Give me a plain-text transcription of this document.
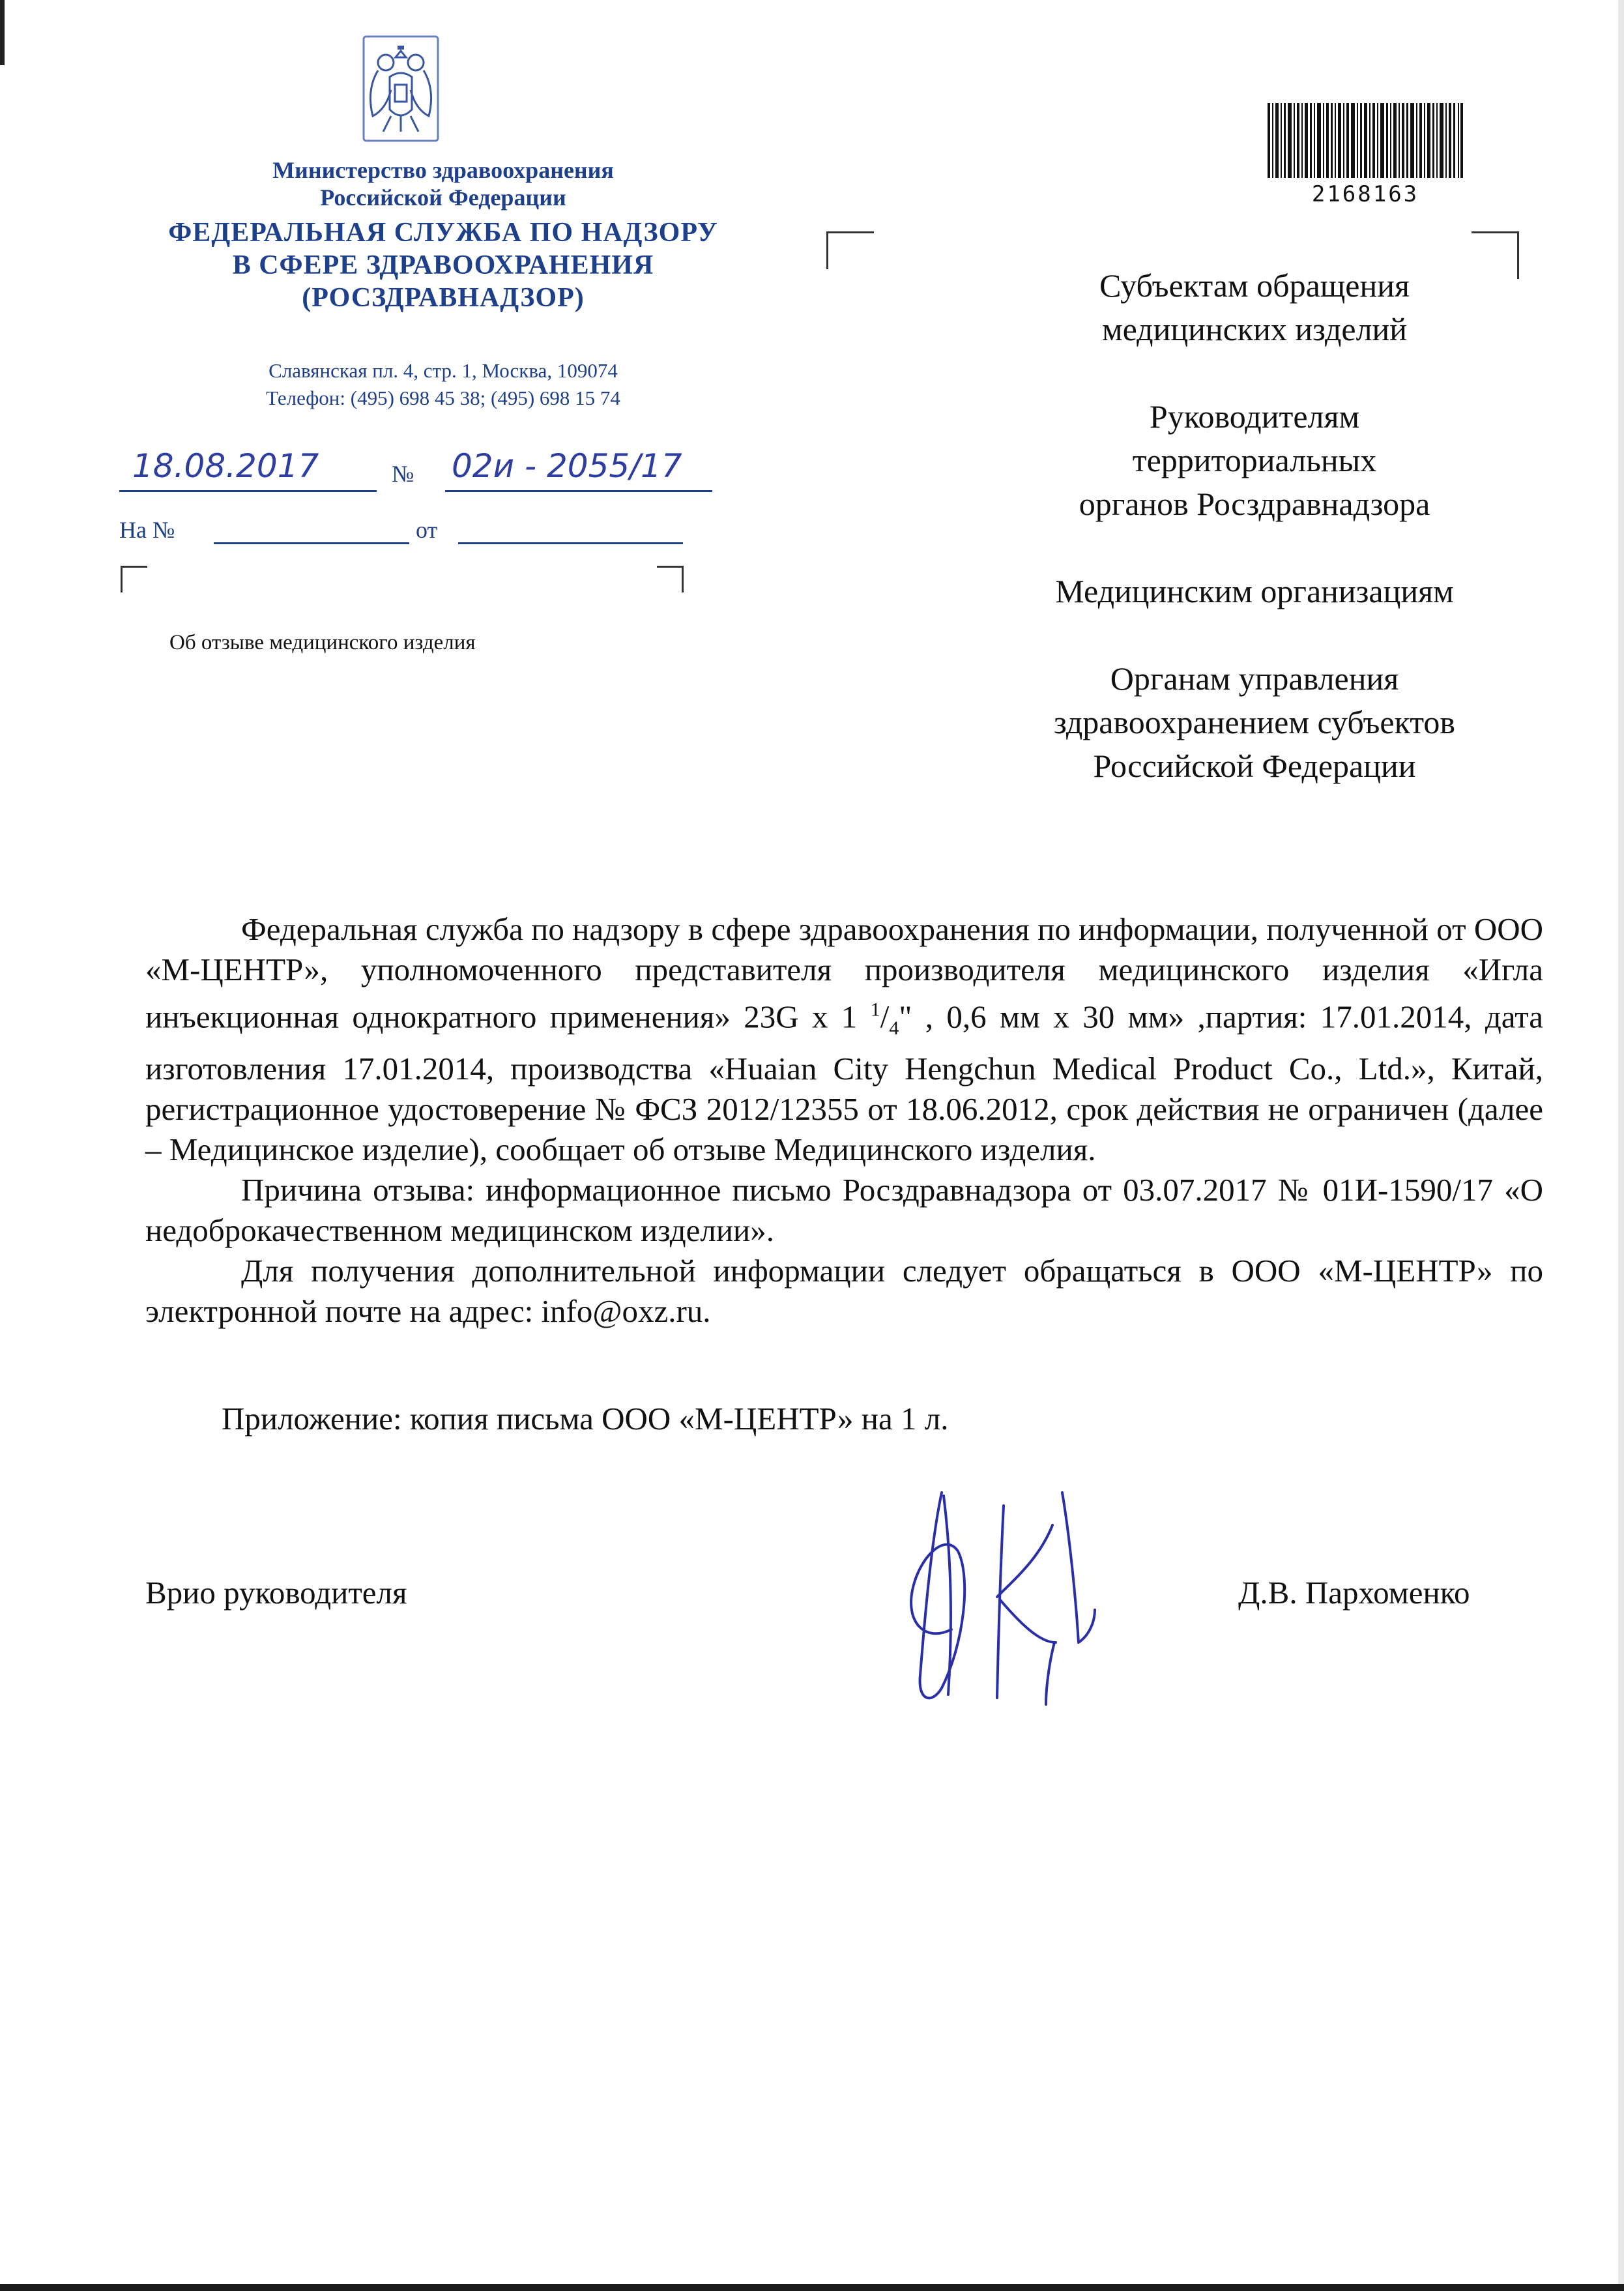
Министерство здравоохранения
Российской Федерации
ФЕДЕРАЛЬНАЯ СЛУЖБА ПО НАДЗОРУ
В СФЕРЕ ЗДРАВООХРАНЕНИЯ
(РОСЗДРАВНАДЗОР)
Славянская пл. 4, стр. 1, Москва, 109074
Телефон: (495) 698 45 38; (495) 698 15 74
18.08.2017	№ 02и - 2055/17
На №	от
Об отзыве медицинского изделия
2168163

Субъектам обращения
медицинских изделий

Руководителям
территориальных
органов Росздравнадзора

Медицинским организациям

Органам управления
здравоохранением субъектов
Российской Федерации

Федеральная служба по надзору в сфере здравоохранения по информации, полученной от ООО «М-ЦЕНТР», уполномоченного представителя производителя медицинского изделия «Игла инъекционная однократного применения» 23G x 1 $^1/_4$" , 0,6 мм х 30 мм» ,партия: 17.01.2014, дата изготовления 17.01.2014, производства «Huaian City Hengchun Medical Product Co., Ltd.», Китай, регистрационное удостоверение № ФСЗ 2012/12355 от 18.06.2012, срок действия не ограничен (далее – Медицинское изделие), сообщает об отзыве Медицинского изделия.

Причина отзыва: информационное письмо Росздравнадзора от 03.07.2017 № 01И-1590/17 «О недоброкачественном медицинском изделии».

Для получения дополнительной информации следует обращаться в ООО «М-ЦЕНТР» по электронной почте на адрес: info@oxz.ru.

Приложение: копия письма ООО «М-ЦЕНТР» на 1 л.
Врио руководителя	Д.В. Пархоменко
